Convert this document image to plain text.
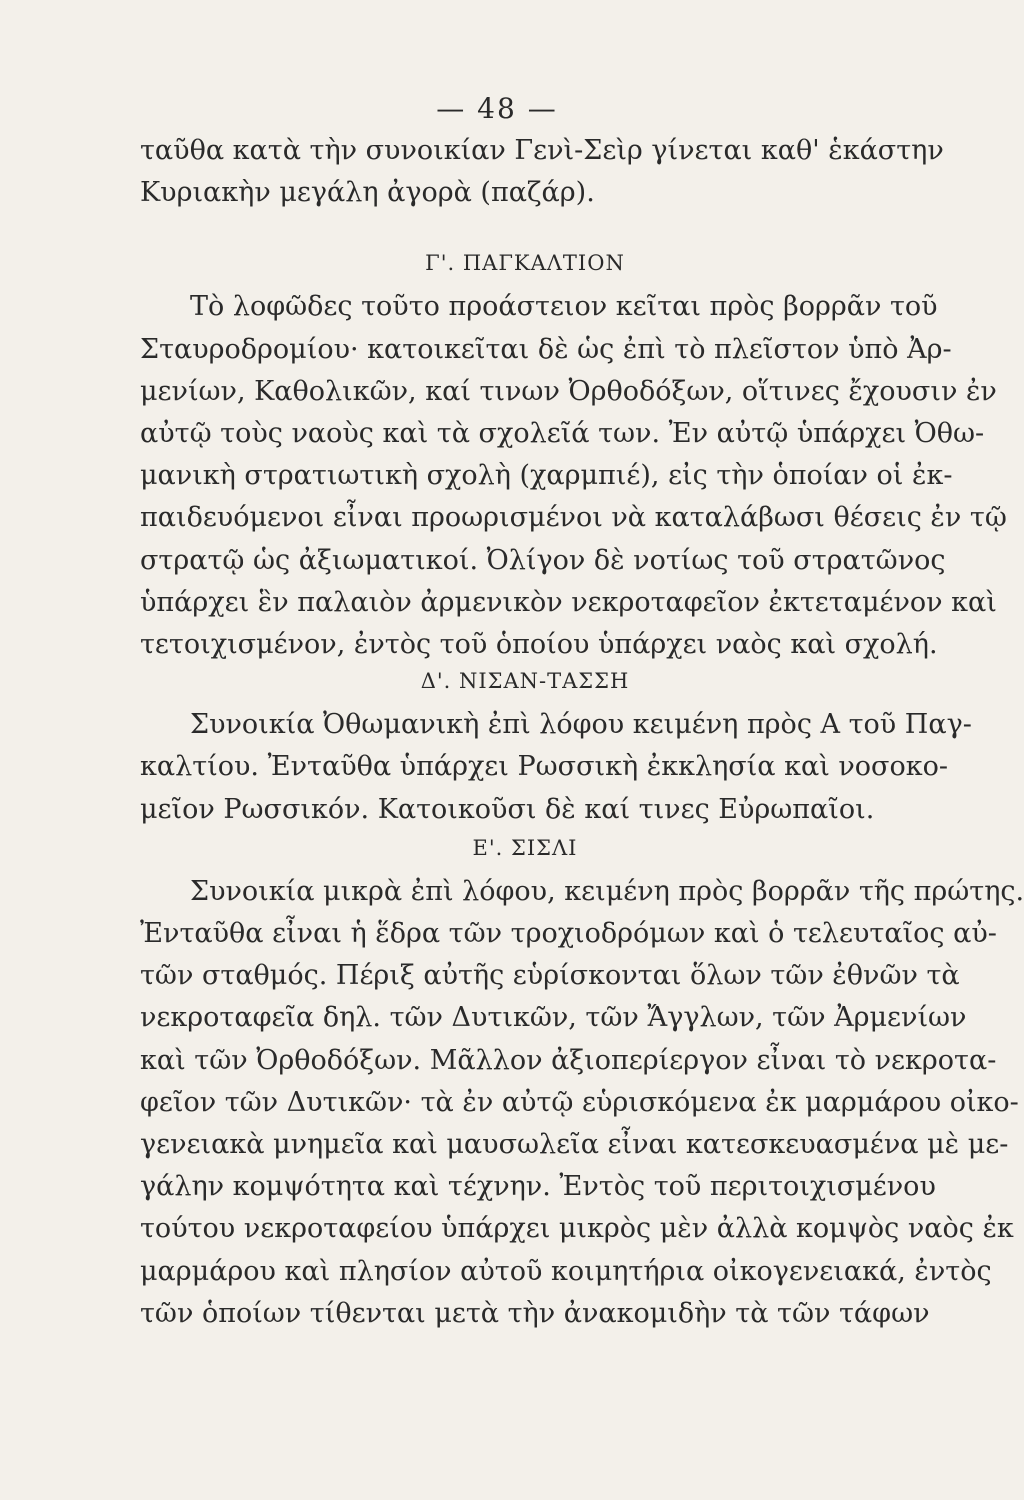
— 48 —
ταῦθα κατὰ τὴν συνοικίαν Γενὶ-Σεὶρ γίνεται καθ' ἑκάστην
Κυριακὴν μεγάλη ἀγορὰ (παζάρ).
Γ'. ΠΑΓΚΑΛΤΙΟΝ
Τὸ λοφῶδες τοῦτο προάστειον κεῖται πρὸς βορρᾶν τοῦ
Σταυροδρομίου· κατοικεῖται δὲ ὡς ἐπὶ τὸ πλεῖστον ὑπὸ Ἀρ-
μενίων, Καθολικῶν, καί τινων Ὀρθοδόξων, οἵτινες ἔχουσιν ἐν
αὐτῷ τοὺς ναοὺς καὶ τὰ σχολεῖά των. Ἐν αὐτῷ ὑπάρχει Ὀθω-
μανικὴ στρατιωτικὴ σχολὴ (χαρμπιέ), εἰς τὴν ὁποίαν οἱ ἐκ-
παιδευόμενοι εἶναι προωρισμένοι νὰ καταλάβωσι θέσεις ἐν τῷ
στρατῷ ὡς ἀξιωματικοί. Ὀλίγον δὲ νοτίως τοῦ στρατῶνος
ὑπάρχει ἓν παλαιὸν ἀρμενικὸν νεκροταφεῖον ἐκτεταμένον καὶ
τετοιχισμένον, ἐντὸς τοῦ ὁποίου ὑπάρχει ναὸς καὶ σχολή.
Δ'. ΝΙΣΑΝ-ΤΑΣΣΗ
Συνοικία Ὀθωμανικὴ ἐπὶ λόφου κειμένη πρὸς Α τοῦ Παγ-
καλτίου. Ἐνταῦθα ὑπάρχει Ρωσσικὴ ἐκκλησία καὶ νοσοκο-
μεῖον Ρωσσικόν. Κατοικοῦσι δὲ καί τινες Εὐρωπαῖοι.
Ε'. ΣΙΣΛΙ
Συνοικία μικρὰ ἐπὶ λόφου, κειμένη πρὸς βορρᾶν τῆς πρώτης.
Ἐνταῦθα εἶναι ἡ ἕδρα τῶν τροχιοδρόμων καὶ ὁ τελευταῖος αὐ-
τῶν σταθμός. Πέριξ αὐτῆς εὑρίσκονται ὅλων τῶν ἐθνῶν τὰ
νεκροταφεῖα δηλ. τῶν Δυτικῶν, τῶν Ἄγγλων, τῶν Ἀρμενίων
καὶ τῶν Ὀρθοδόξων. Μᾶλλον ἀξιοπερίεργον εἶναι τὸ νεκροτα-
φεῖον τῶν Δυτικῶν· τὰ ἐν αὐτῷ εὑρισκόμενα ἐκ μαρμάρου οἰκο-
γενειακὰ μνημεῖα καὶ μαυσωλεῖα εἶναι κατεσκευασμένα μὲ με-
γάλην κομψότητα καὶ τέχνην. Ἐντὸς τοῦ περιτοιχισμένου
τούτου νεκροταφείου ὑπάρχει μικρὸς μὲν ἀλλὰ κομψὸς ναὸς ἐκ
μαρμάρου καὶ πλησίον αὐτοῦ κοιμητήρια οἰκογενειακά, ἐντὸς
τῶν ὁποίων τίθενται μετὰ τὴν ἀνακομιδὴν τὰ τῶν τάφων
